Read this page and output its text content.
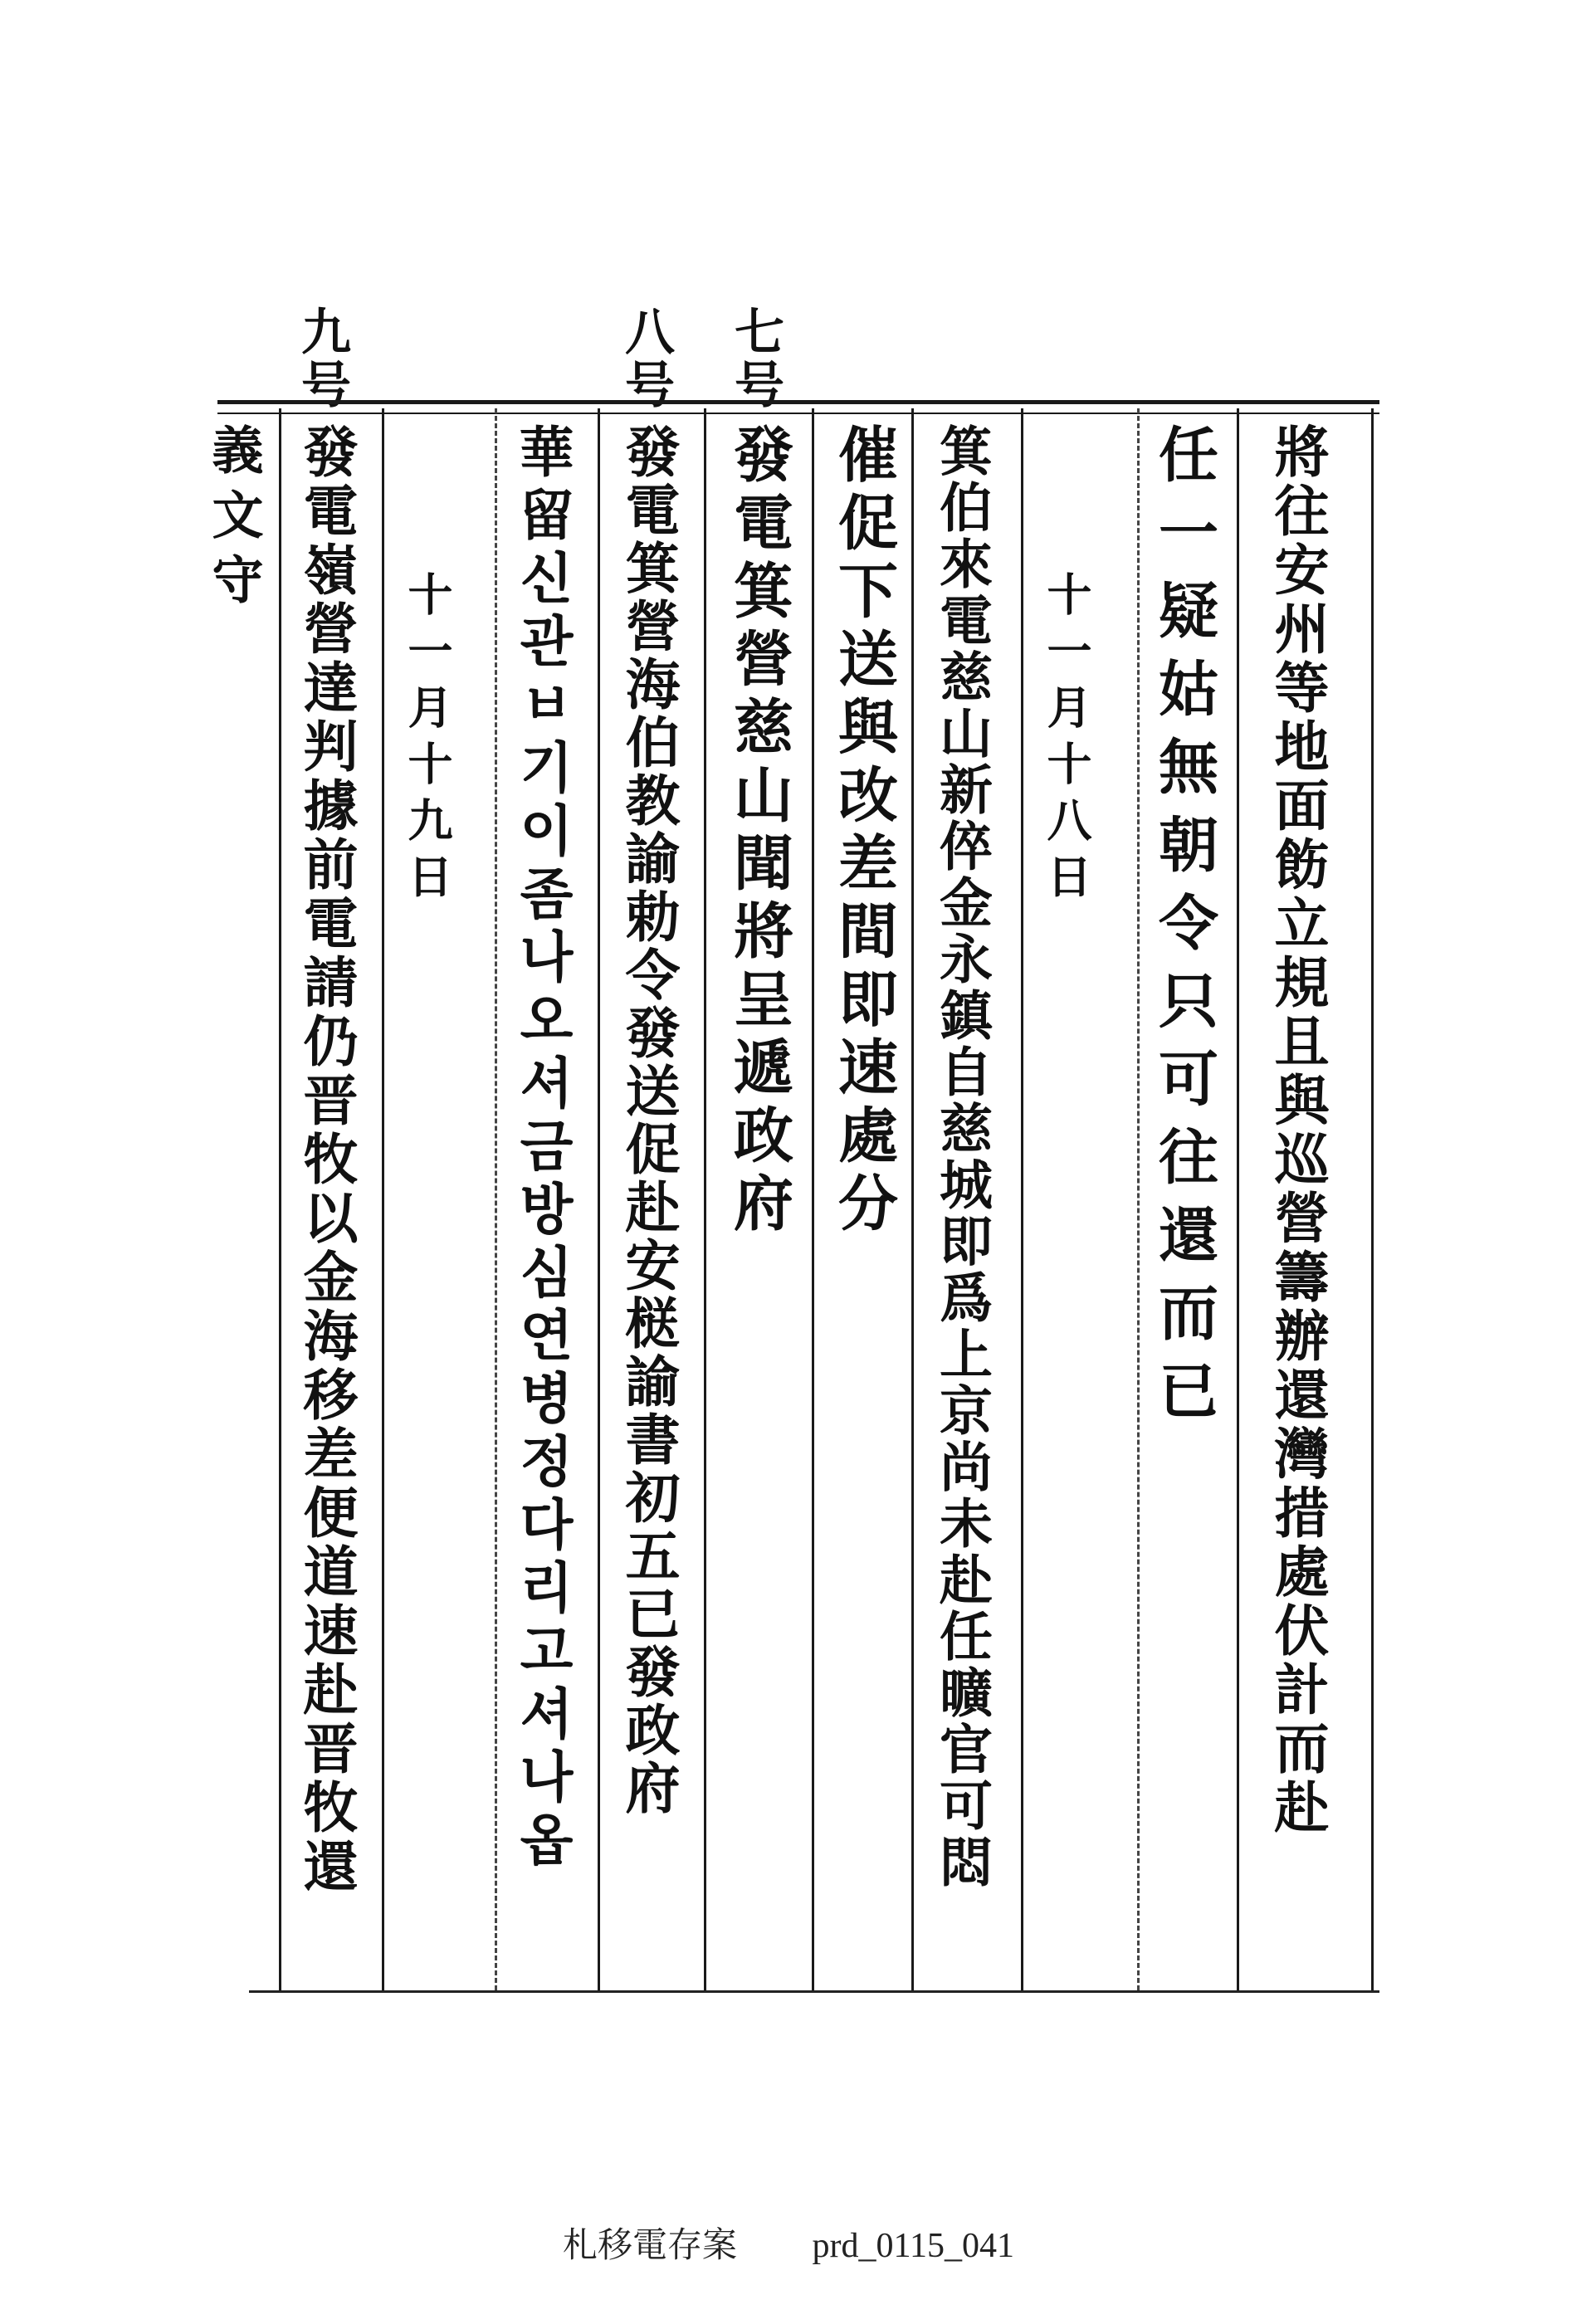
七号
八号
九号
將往安州等地面飭立規且與巡營籌辦還灣措處伏計而赴
任一疑姑無朝令只可往還而已
十一月十八日
箕伯來電慈山新倅金永鎮自慈城即爲上京尚未赴任曠官可悶
催促下送與改差間即速處分
發電箕營慈山聞將呈遞政府
發電箕營海伯教諭勅令發送促赴安㮸諭書初五已發政府
華留신관ㅂ기이좀나오셔금방심연병정다리고셔나옵
十一月十九日
發電嶺營達判據前電請仍晋牧以金海移差便道速赴晋牧還
義文守
札移電存案 prd_0115_041
